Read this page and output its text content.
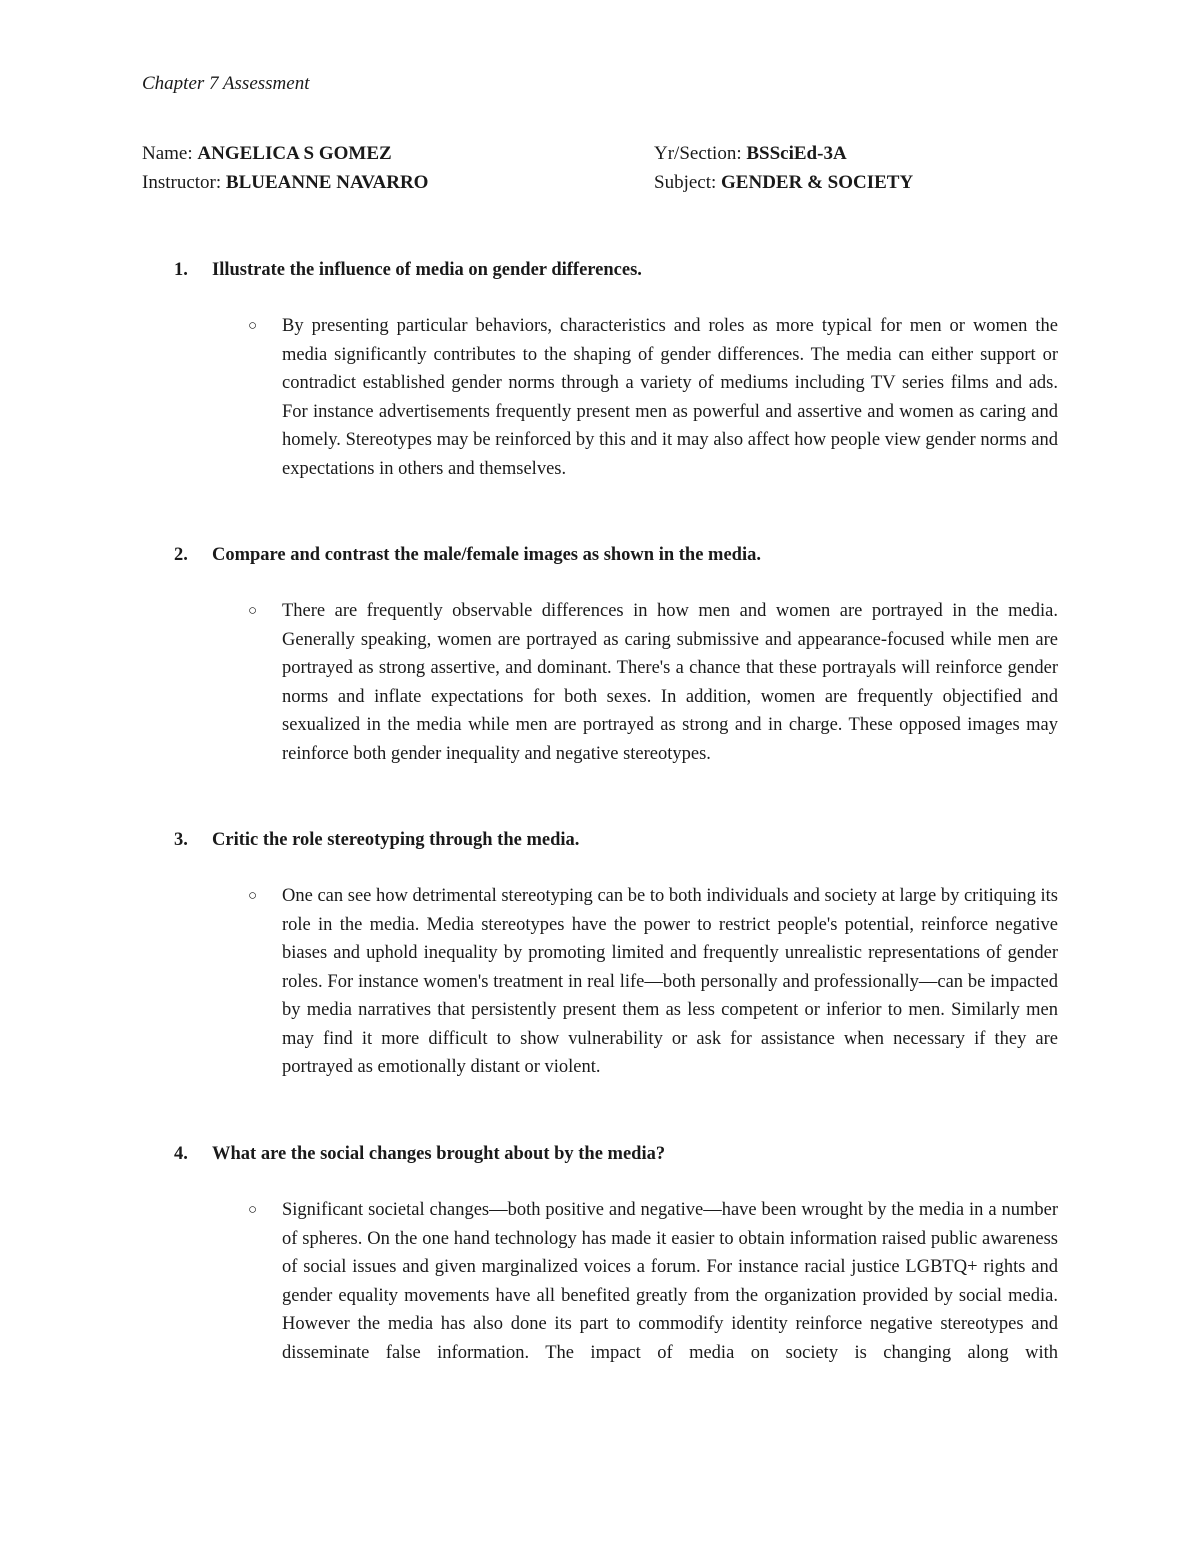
Chapter 7 Assessment
Name: ANGELICA S GOMEZ	Yr/Section: BSSciEd-3A
Instructor: BLUEANNE NAVARRO	Subject: GENDER & SOCIETY
1. Illustrate the influence of media on gender differences.
○ By presenting particular behaviors, characteristics and roles as more typical for men or women the media significantly contributes to the shaping of gender differences. The media can either support or contradict established gender norms through a variety of mediums including TV series films and ads. For instance advertisements frequently present men as powerful and assertive and women as caring and homely. Stereotypes may be reinforced by this and it may also affect how people view gender norms and expectations in others and themselves.

2. Compare and contrast the male/female images as shown in the media.
○ There are frequently observable differences in how men and women are portrayed in the media. Generally speaking, women are portrayed as caring submissive and appearance-focused while men are portrayed as strong assertive, and dominant. There's a chance that these portrayals will reinforce gender norms and inflate expectations for both sexes. In addition, women are frequently objectified and sexualized in the media while men are portrayed as strong and in charge. These opposed images may reinforce both gender inequality and negative stereotypes.

3. Critic the role stereotyping through the media.
○ One can see how detrimental stereotyping can be to both individuals and society at large by critiquing its role in the media. Media stereotypes have the power to restrict people's potential, reinforce negative biases and uphold inequality by promoting limited and frequently unrealistic representations of gender roles. For instance women's treatment in real life—both personally and professionally—can be impacted by media narratives that persistently present them as less competent or inferior to men. Similarly men may find it more difficult to show vulnerability or ask for assistance when necessary if they are portrayed as emotionally distant or violent.

4. What are the social changes brought about by the media?
○ Significant societal changes—both positive and negative—have been wrought by the media in a number of spheres. On the one hand technology has made it easier to obtain information raised public awareness of social issues and given marginalized voices a forum. For instance racial justice LGBTQ+ rights and gender equality movements have all benefited greatly from the organization provided by social media. However the media has also done its part to commodify identity reinforce negative stereotypes and disseminate false information. The impact of media on society is changing along with
